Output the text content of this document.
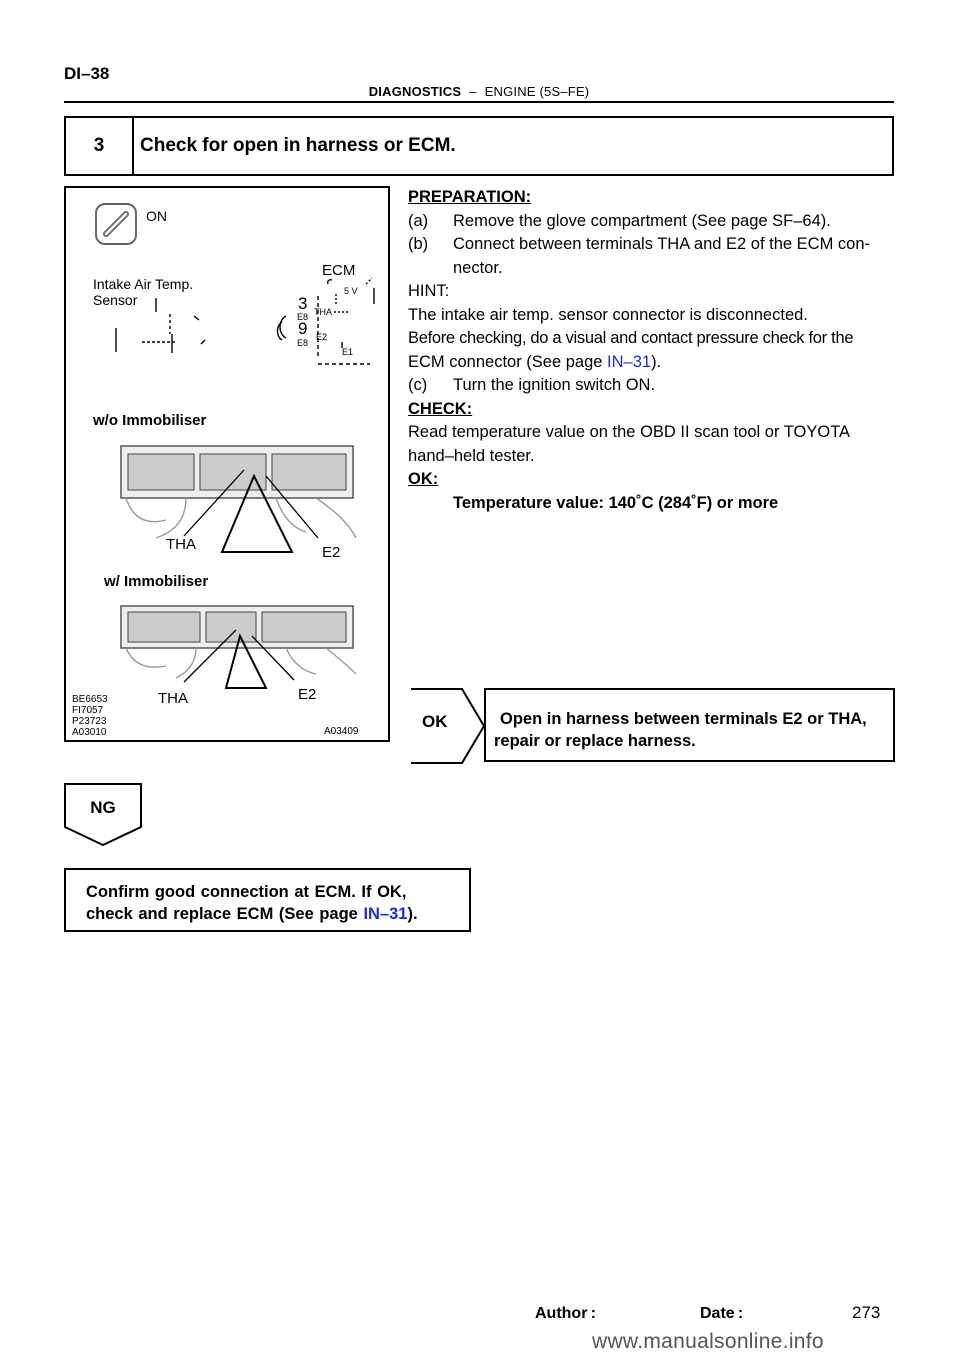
DI–38
DIAGNOSTICS – ENGINE (5S–FE)
3	Check for open in harness or ECM.
ON
Intake Air Temp.
Sensor
ECM
3
9
E8
E8
5 V
THA
E2
E1
w/o Immobiliser
THA	E2
w/ Immobiliser
THA	E2
BE6653
FI7057
P23723
A03010	A03409
PREPARATION:
(a)	Remove the glove compartment (See page SF–64).
(b)	Connect between terminals THA and E2 of the ECM con-
nector.
HINT:
The intake air temp. sensor connector is disconnected.
Before checking, do a visual and contact pressure check for the
ECM connector (See page IN–31).
(c)	Turn the ignition switch ON.
CHECK:
Read temperature value on the OBD II scan tool or TOYOTA
hand–held tester.
OK:
Temperature value: 140˚C (284˚F) or more
OK	Open in harness between terminals E2 or THA,
repair or replace harness.
NG
Confirm good connection at ECM. If OK,
check and replace ECM (See page IN–31).
Author :	Date :	273
www.manualsonline.info
